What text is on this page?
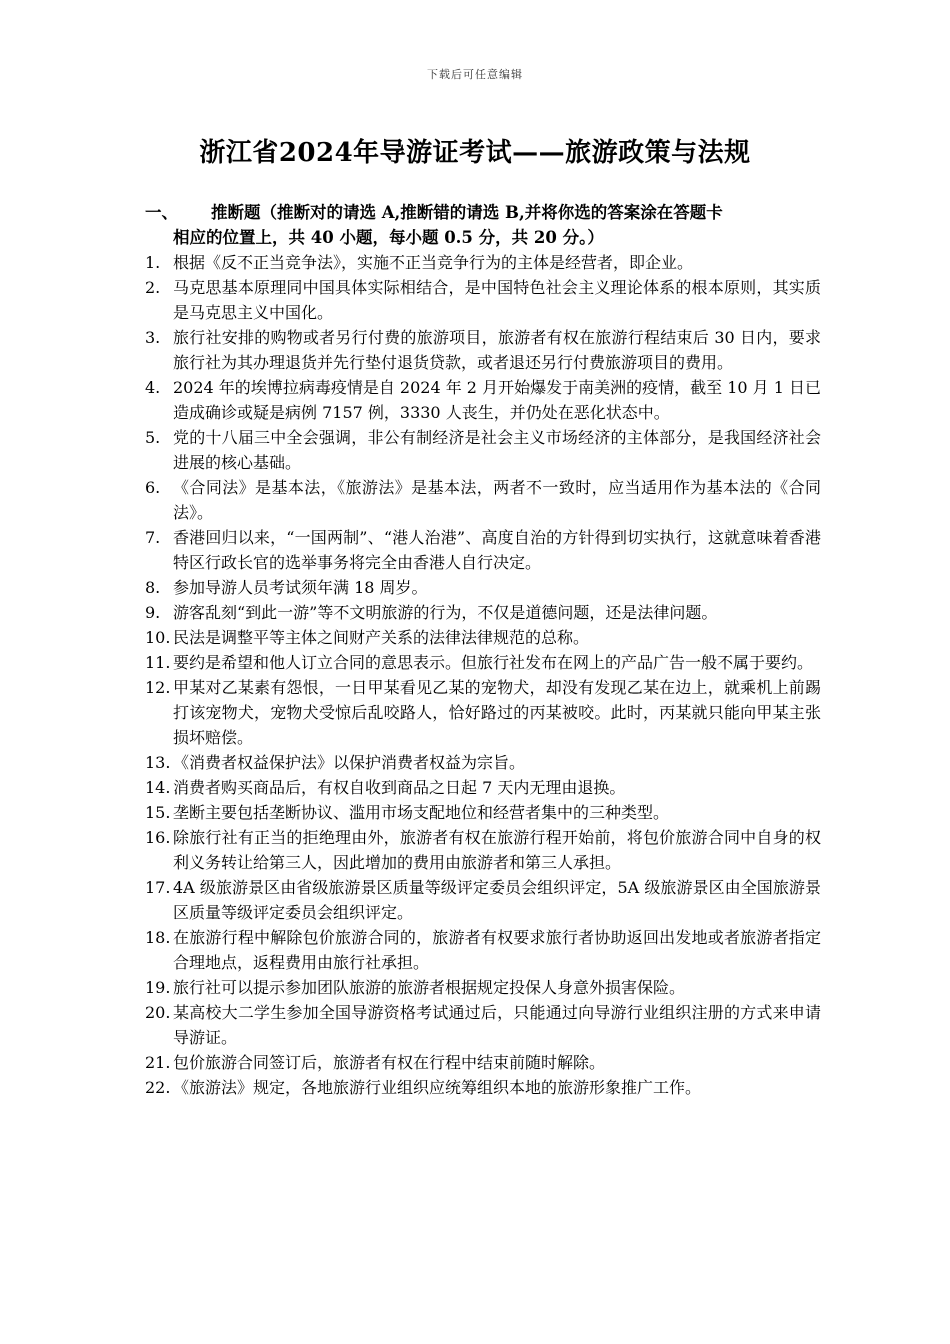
下载后可任意编辑
浙江省2024年导游证考试——旅游政策与法规
一、 推断题（推断对的请选 A,推断错的请选 B,并将你选的答案涂在答题卡
相应的位置上，共 40 小题，每小题 0.5 分，共 20 分。）
1. 根据《反不正当竞争法》，实施不正当竞争行为的主体是经营者，即企业。
2. 马克思基本原理同中国具体实际相结合，是中国特色社会主义理论体系的根本原则，其实质是马克思主义中国化。
3. 旅行社安排的购物或者另行付费的旅游项目，旅游者有权在旅游行程结束后 30 日内，要求旅行社为其办理退货并先行垫付退货贷款，或者退还另行付费旅游项目的费用。
4. 2024 年的埃博拉病毒疫情是自 2024 年 2 月开始爆发于南美洲的疫情，截至 10 月 1 日已造成确诊或疑是病例 7157 例，3330 人丧生，并仍处在恶化状态中。
5. 党的十八届三中全会强调，非公有制经济是社会主义市场经济的主体部分，是我国经济社会进展的核心基础。
6. 《合同法》是基本法，《旅游法》是基本法，两者不一致时，应当适用作为基本法的《合同法》。
7. 香港回归以来，“一国两制”、“港人治港”、高度自治的方针得到切实执行，这就意味着香港特区行政长官的选举事务将完全由香港人自行决定。
8. 参加导游人员考试须年满 18 周岁。
9. 游客乱刻“到此一游”等不文明旅游的行为，不仅是道德问题，还是法律问题。
10. 民法是调整平等主体之间财产关系的法律法律规范的总称。
11. 要约是希望和他人订立合同的意思表示。但旅行社发布在网上的产品广告一般不属于要约。
12. 甲某对乙某素有怨恨，一日甲某看见乙某的宠物犬，却没有发现乙某在边上，就乘机上前踢打该宠物犬，宠物犬受惊后乱咬路人，恰好路过的丙某被咬。此时，丙某就只能向甲某主张损坏赔偿。
13. 《消费者权益保护法》以保护消费者权益为宗旨。
14. 消费者购买商品后，有权自收到商品之日起 7 天内无理由退换。
15. 垄断主要包括垄断协议、滥用市场支配地位和经营者集中的三种类型。
16. 除旅行社有正当的拒绝理由外，旅游者有权在旅游行程开始前，将包价旅游合同中自身的权利义务转让给第三人，因此增加的费用由旅游者和第三人承担。
17. 4A 级旅游景区由省级旅游景区质量等级评定委员会组织评定，5A 级旅游景区由全国旅游景区质量等级评定委员会组织评定。
18. 在旅游行程中解除包价旅游合同的，旅游者有权要求旅行者协助返回出发地或者旅游者指定合理地点，返程费用由旅行社承担。
19. 旅行社可以提示参加团队旅游的旅游者根据规定投保人身意外损害保险。
20. 某高校大二学生参加全国导游资格考试通过后，只能通过向导游行业组织注册的方式来申请导游证。
21. 包价旅游合同签订后，旅游者有权在行程中结束前随时解除。
22. 《旅游法》规定，各地旅游行业组织应统筹组织本地的旅游形象推广工作。
